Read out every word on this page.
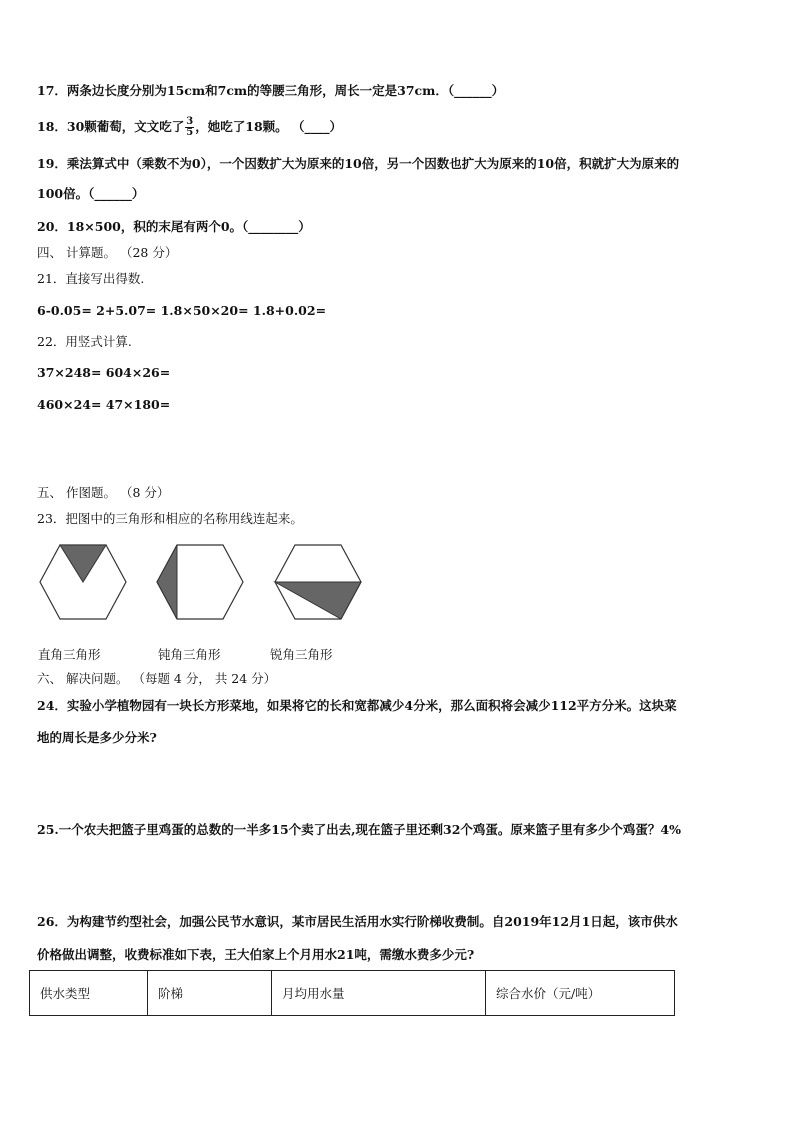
17．两条边长度分别为15cm和7cm的等腰三角形，周长一定是37cm．（______）
18．30颗葡萄，文文吃了 $\frac{3}{5}$ ，她吃了18颗。 （____）
19．乘法算式中（乘数不为0），一个因数扩大为原来的10倍，另一个因数也扩大为原来的10倍，积就扩大为原来的
100倍。（______）
20．18×500，积的末尾有两个0。（________）
四、 计算题。 （28 分）
21．直接写出得数.
6-0.05= 2+5.07= 1.8×50×20= 1.8+0.02=
22．用竖式计算.
37×248= 604×26=
460×24= 47×180=
五、 作图题。 （8 分）
23．把图中的三角形和相应的名称用线连起来。
直角三角形	钝角三角形	锐角三角形
六、 解决问题。 （每题 4 分， 共 24 分）
24．实验小学植物园有一块长方形菜地，如果将它的长和宽都减少4分米，那么面积将会减少112平方分米。这块菜
地的周长是多少分米?
25.一个农夫把篮子里鸡蛋的总数的一半多15个卖了出去,现在篮子里还剩32个鸡蛋。原来篮子里有多少个鸡蛋？4%
26．为构建节约型社会，加强公民节水意识，某市居民生活用水实行阶梯收费制。自2019年12月1日起，该市供水
价格做出调整，收费标准如下表，王大伯家上个月用水21吨，需缴水费多少元?
供水类型	阶梯	月均用水量	综合水价（元/吨）
